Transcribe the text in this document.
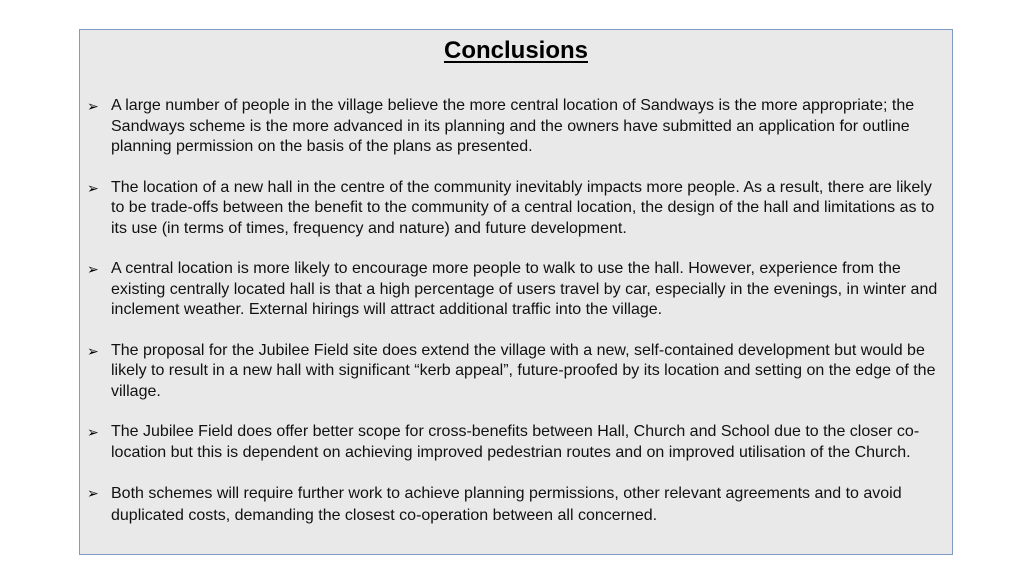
Conclusions
➢ A large number of people in the village believe the more central location of Sandways is the more appropriate; the Sandways scheme is the more advanced in its planning and the owners have submitted an application for outline planning permission on the basis of the plans as presented.
➢ The location of a new hall in the centre of the community inevitably impacts more people. As a result, there are likely to be trade-offs between the benefit to the community of a central location, the design of the hall and limitations as to its use (in terms of times, frequency and nature) and future development.
➢ A central location is more likely to encourage more people to walk to use the hall. However, experience from the existing centrally located hall is that a high percentage of users travel by car, especially in the evenings, in winter and inclement weather. External hirings will attract additional traffic into the village.
➢ The proposal for the Jubilee Field site does extend the village with a new, self-contained development but would be likely to result in a new hall with significant “kerb appeal”, future-proofed by its location and setting on the edge of the village.
➢ The Jubilee Field does offer better scope for cross-benefits between Hall, Church and School due to the closer co-location but this is dependent on achieving improved pedestrian routes and on improved utilisation of the Church.
➢ Both schemes will require further work to achieve planning permissions, other relevant agreements and to avoid duplicated costs, demanding the closest co-operation between all concerned.
